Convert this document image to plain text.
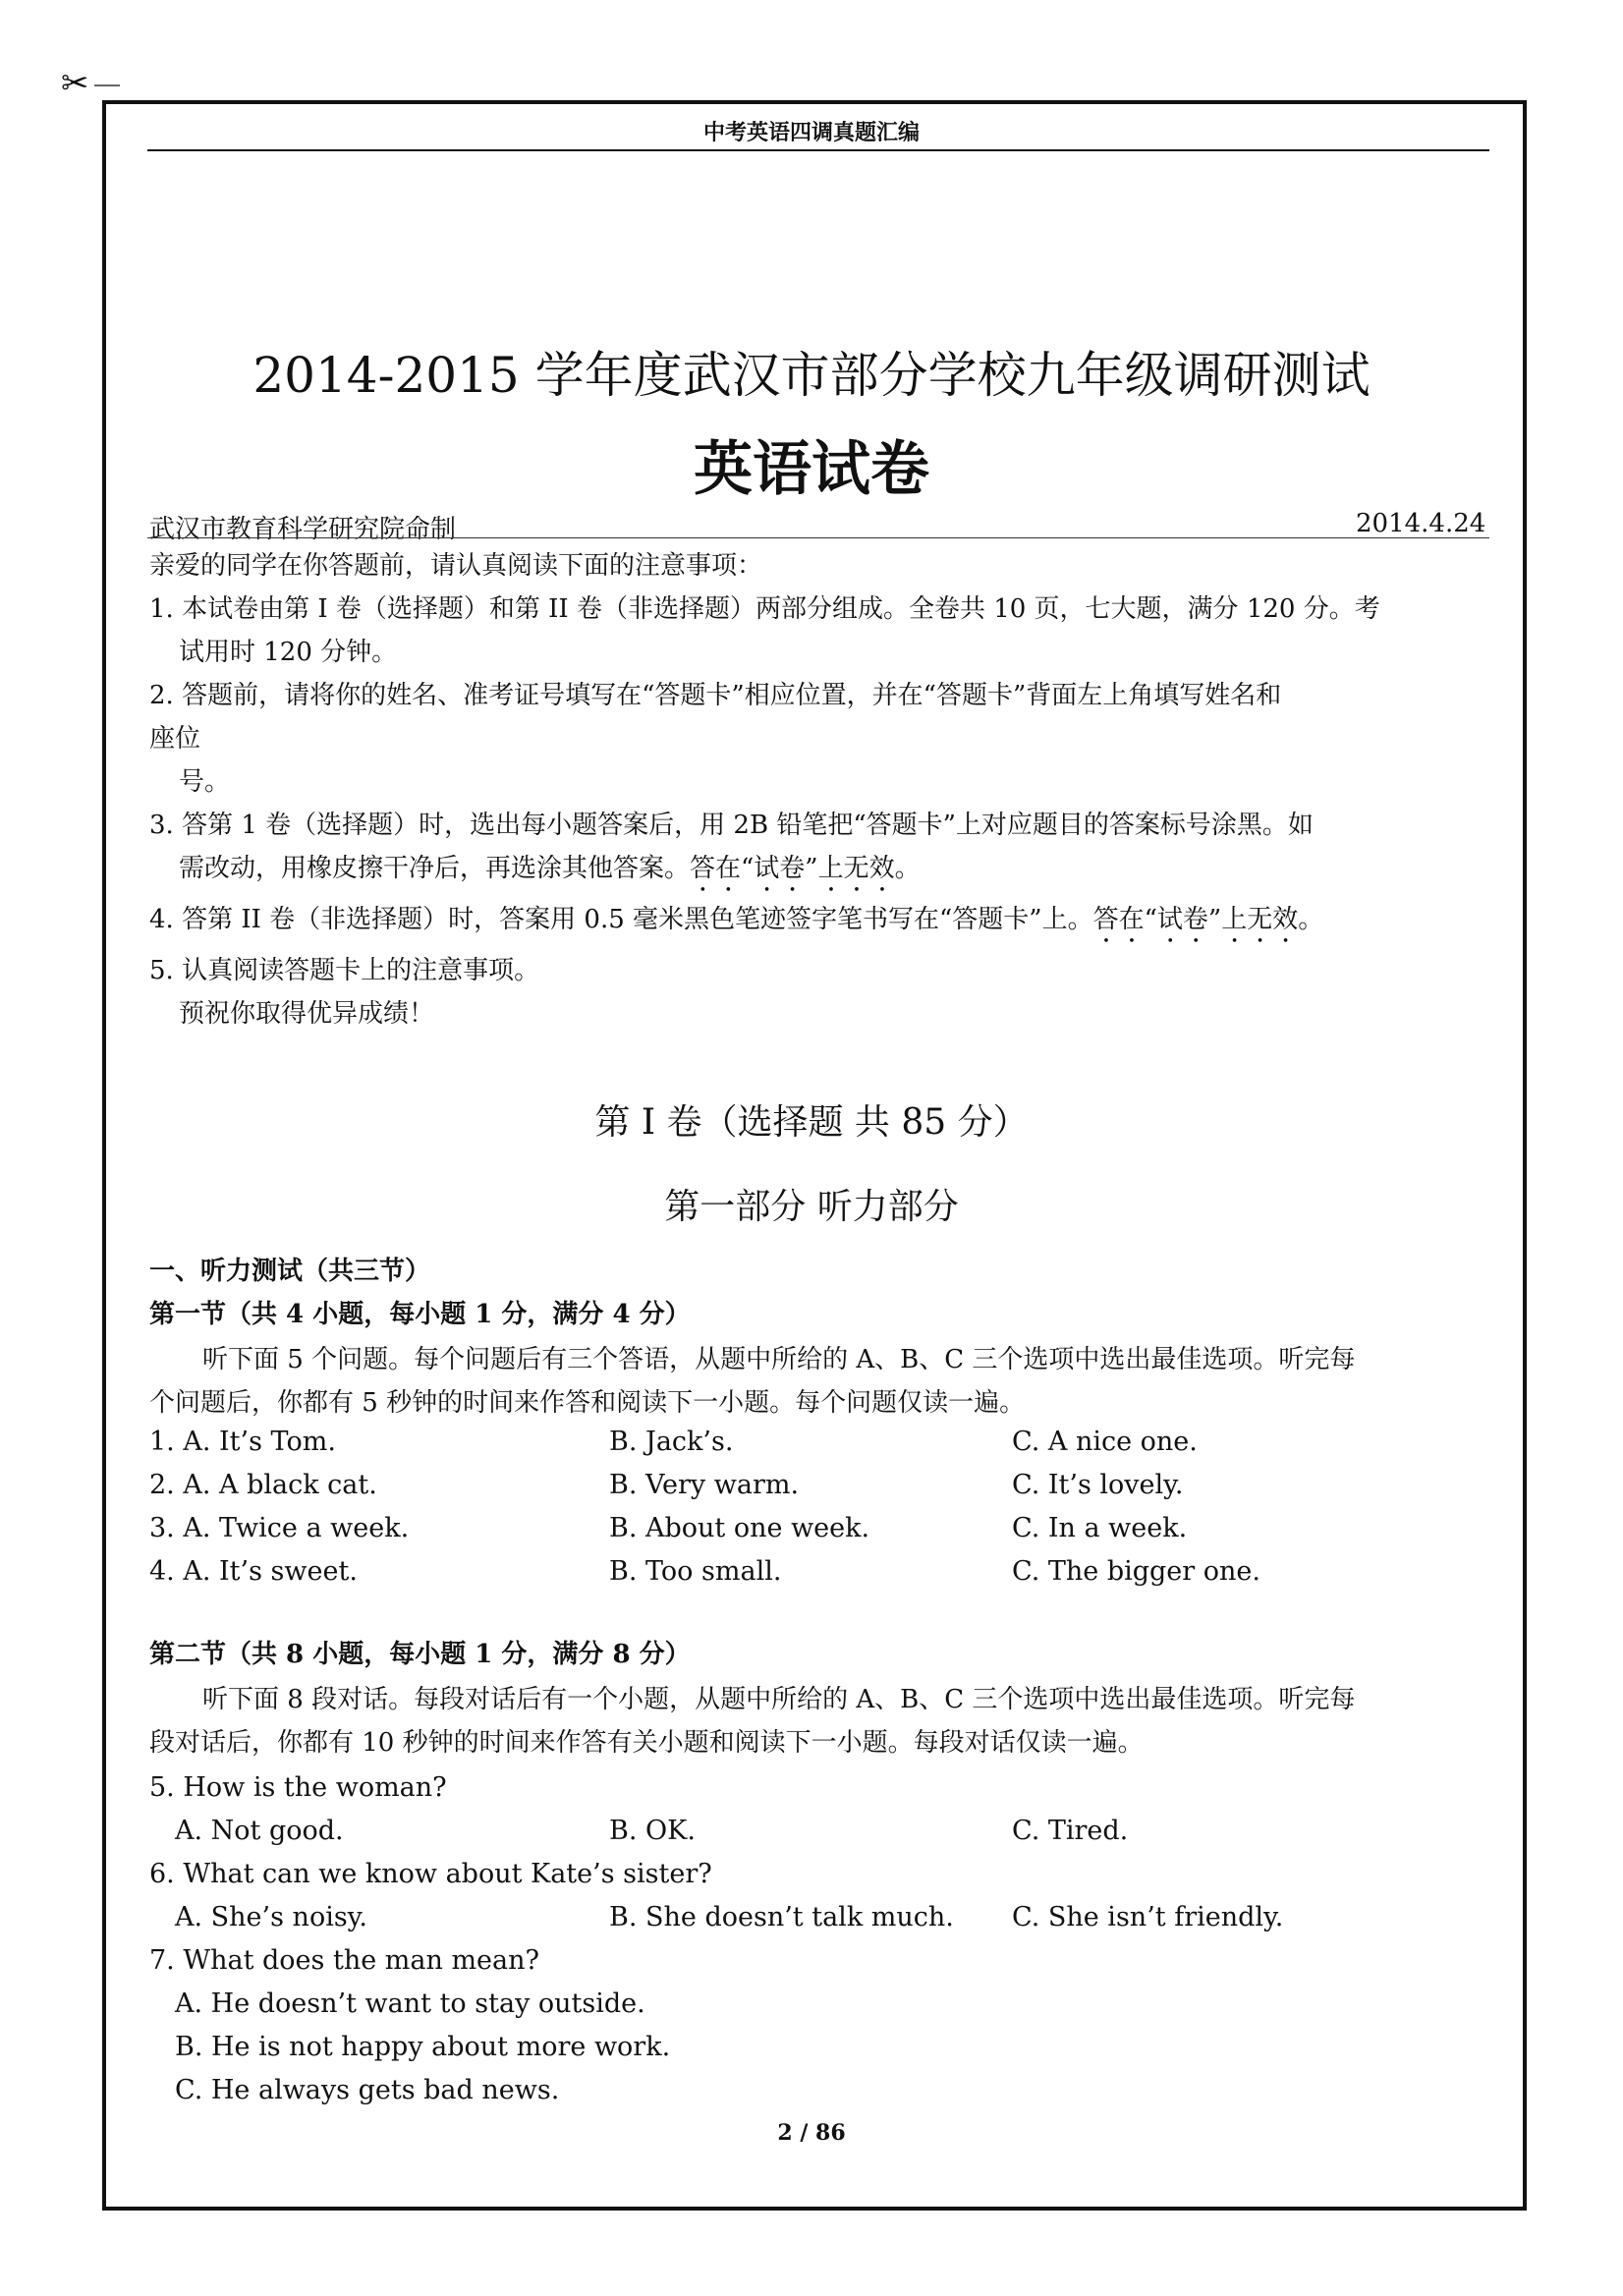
✂
中考英语四调真题汇编
2014-2015 学年度武汉市部分学校九年级调研测试
英语试卷
武汉市教育科学研究院命制	2014.4.24
亲爱的同学在你答题前，请认真阅读下面的注意事项：
1. 本试卷由第 I 卷（选择题）和第 II 卷（非选择题）两部分组成。全卷共 10 页，七大题，满分 120 分。考
试用时 120 分钟。
2. 答题前，请将你的姓名、准考证号填写在“答题卡”相应位置，并在“答题卡”背面左上角填写姓名和
座位
号。
3. 答第 1 卷（选择题）时，选出每小题答案后，用 2B 铅笔把“答题卡”上对应题目的答案标号涂黑。如
需改动，用橡皮擦干净后，再选涂其他答案。答在“试卷”上无效。
4. 答第 II 卷（非选择题）时，答案用 0.5 毫米黑色笔迹签字笔书写在“答题卡”上。答在“试卷”上无效。
5. 认真阅读答题卡上的注意事项。
预祝你取得优异成绩！
第 I 卷（选择题 共 85 分）
第一部分 听力部分
一、听力测试（共三节）
第一节（共 4 小题，每小题 1 分，满分 4 分）
听下面 5 个问题。每个问题后有三个答语，从题中所给的 A、B、C 三个选项中选出最佳选项。听完每
个问题后，你都有 5 秒钟的时间来作答和阅读下一小题。每个问题仅读一遍。
1. A. It’s Tom.	B. Jack’s.	C. A nice one.
2. A. A black cat.	B. Very warm.	C. It’s lovely.
3. A. Twice a week.	B. About one week.	C. In a week.
4. A. It’s sweet.	B. Too small.	C. The bigger one.
第二节（共 8 小题，每小题 1 分，满分 8 分）
听下面 8 段对话。每段对话后有一个小题，从题中所给的 A、B、C 三个选项中选出最佳选项。听完每
段对话后，你都有 10 秒钟的时间来作答有关小题和阅读下一小题。每段对话仅读一遍。
5. How is the woman?
A. Not good.	B. OK.	C. Tired.
6. What can we know about Kate’s sister?
A. She’s noisy.	B. She doesn’t talk much. C. She isn’t friendly.
7. What does the man mean?
A. He doesn’t want to stay outside.
B. He is not happy about more work.
C. He always gets bad news.
2 / 86
